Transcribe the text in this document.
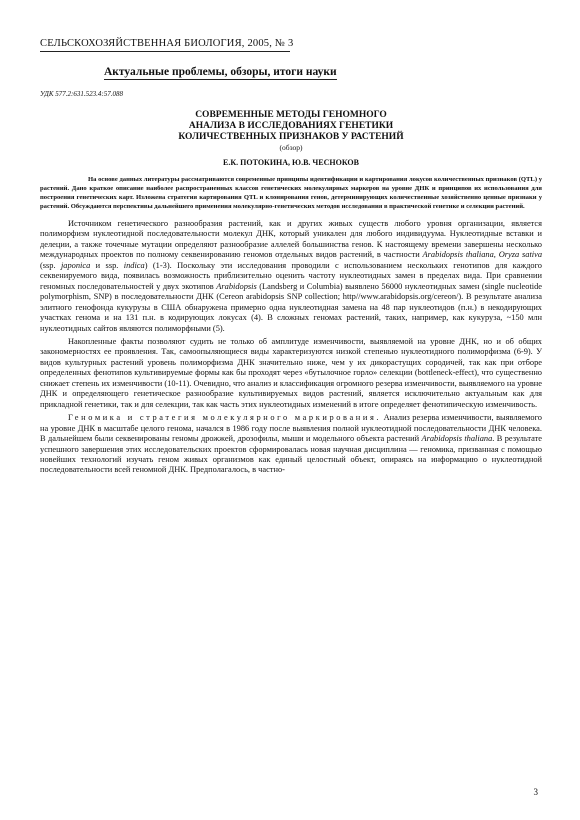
СЕЛЬСКОХОЗЯЙСТВЕННАЯ БИОЛОГИЯ, 2005, № 3
Актуальные проблемы, обзоры, итоги науки
УДК 577.2:631.523.4:57.088
СОВРЕМЕННЫЕ МЕТОДЫ ГЕНОМНОГО
АНАЛИЗА В ИССЛЕДОВАНИЯХ ГЕНЕТИКИ
КОЛИЧЕСТВЕННЫХ ПРИЗНАКОВ У РАСТЕНИЙ
(обзор)
Е.К. ПОТОКИНА, Ю.В. ЧЕСНОКОВ
На основе данных литературы рассматриваются современные принципы идентификации и картирования локусов количественных признаков (QTL) у растений. Дано краткое описание наиболее распространенных классов генетических молекулярных маркеров на уровне ДНК и принципов их использования для построения генетических карт. Изложена стратегия картирования QTL и клонирования генов, детерминирующих количественные хозяйственно ценные признаки у растений. Обсуждаются перспективы дальнейшего применения молекулярно-генетических методов исследования в практической генетике и селекции растений.

Источником генетического разнообразия растений, как и других живых существ любого уровня организации, является полиморфизм нуклеотидной последовательности молекул ДНК, который уникален для любого индивидуума. Нуклеотидные вставки и делеции, а также точечные мутации определяют разнообразие аллелей большинства генов. К настоящему времени завершены несколько международных проектов по полному секвенированию геномов отдельных видов растений, в частности Arabidopsis thaliana, Oryza sativa (ssp. japonica и ssp. indica) (1-3). Поскольку эти исследования проводили с использованием нескольких генотипов для каждого секвенируемого вида, появилась возможность приблизительно оценить частоту нуклеотидных замен в пределах вида. При сравнении геномных последовательностей у двух экотипов Arabidopsis (Landsberg и Columbia) выявлено 56000 нуклеотидных замен (single nucleotide polymorphism, SNP) в последовательности ДНК (Cereon arabidopsis SNP collection; http//www.arabidopsis.org/cereon/). В результате анализа элитного генофонда кукурузы в США обнаружена примерно одна нуклеотидная замена на 48 пар нуклеотидов (п.н.) в некодирующих участках генома и на 131 п.н. в кодирующих локусах (4). В сложных геномах растений, таких, например, как кукуруза, ~150 млн нуклеотидных сайтов являются полиморфными (5).

Накопленные факты позволяют судить не только об амплитуде изменчивости, выявляемой на уровне ДНК, но и об общих закономерностях ее проявления. Так, самоопыляющиеся виды характеризуются низкой степенью нуклеотидного полиморфизма (6-9). У видов культурных растений уровень полиморфизма ДНК значительно ниже, чем у их дикорастущих сородичей, так как при отборе определенных фенотипов культивируемые формы как бы проходят через «бутылочное горло» селекции (bottleneck-effect), что существенно снижает степень их изменчивости (10-11). Очевидно, что анализ и классификация огромного резерва изменчивости, выявляемого на уровне ДНК и определяющего генетическое разнообразие культивируемых видов растений, является исключительно актуальным как для прикладной генетики, так и для селекции, так как часть этих нуклеотидных изменений в итоге определяет фенотипическую изменчивость.

Геномика и стратегия молекулярного маркирования. Анализ резерва изменчивости, выявляемого на уровне ДНК в масштабе целого генома, начался в 1986 году после выявления полной нуклеотидной последовательности ДНК человека. В дальнейшем были секвенированы геномы дрожжей, дрозофилы, мыши и модельного объекта растений Arabidopsis thaliana. В результате успешного завершения этих исследовательских проектов сформировалась новая научная дисциплина — геномика, призванная с помощью новейших технологий изучать геном живых организмов как единый целостный объект, опираясь на информацию о нуклеотидной последовательности всей геномной ДНК. Предполагалось, в частно-

3
